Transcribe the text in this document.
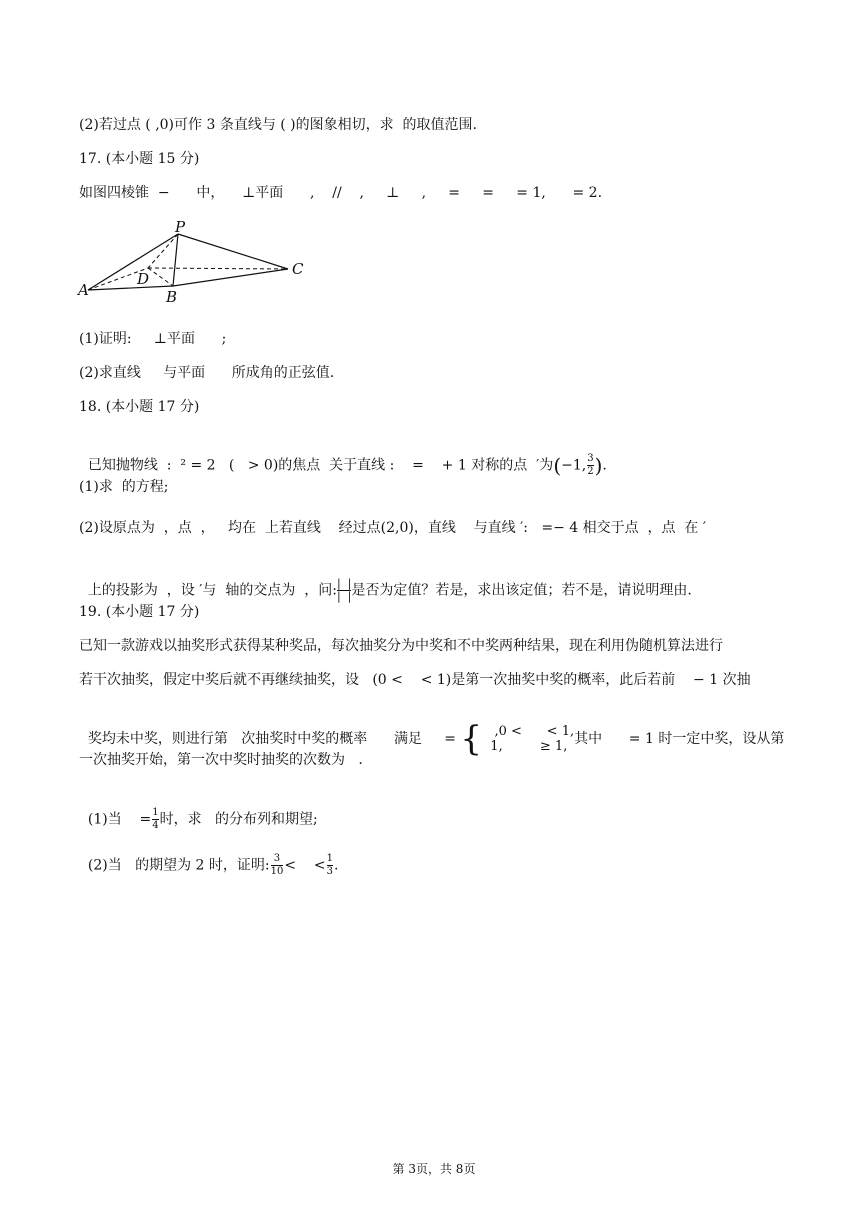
(2)若过点 ( ,0)可作 3 条直线与 ( )的图象相切，求  的取值范围.
17. (本小题 15 分)
如图四棱锥  −      中，    ⊥平面      ,    //    ,     ⊥     ,     =     =     = 1,      = 2.
P
A
D
B
C
(1)证明:     ⊥平面      ;
(2)求直线     与平面      所成角的正弦值.
18. (本小题 17 分)

已知抛物线  :  ² = 2   (   > 0)的焦点  关于直线 :    =    + 1 对称的点  ′为(−1, $\frac{3}{2}$ ).

(1)求  的方程;
(2)设原点为  ，点  ，   均在  上若直线    经过点(2,0)，直线    与直线 ′:   =− 4 相交于点  ，点  在 ′

上的投影为  ，设 ′与  轴的交点为  ，问: |  |
|  | 是否为定值？若是，求出该定值；若不是，请说明理由.

19. (本小题 17 分)
已知一款游戏以抽奖形式获得某种奖品，每次抽奖分为中奖和不中奖两种结果，现在利用伪随机算法进行
若干次抽奖，假定中奖后就不再继续抽奖，设   (0 <    < 1)是第一次抽奖中奖的概率，此后若前    − 1 次抽

奖均未中奖，则进行第   次抽奖时中奖的概率      满足     = { ,0 <      < 1,
1,         ≥ 1, 其中      = 1 时一定中奖，设从第

一次抽奖开始，第一次中奖时抽奖的次数为   .

(1)当    = $\frac{1}{4}$ 时，求   的分布列和期望;

(2)当   的期望为 2 时，证明: $\frac{3}{10}$ <    < $\frac{1}{3}$ .

第 3页，共 8页
